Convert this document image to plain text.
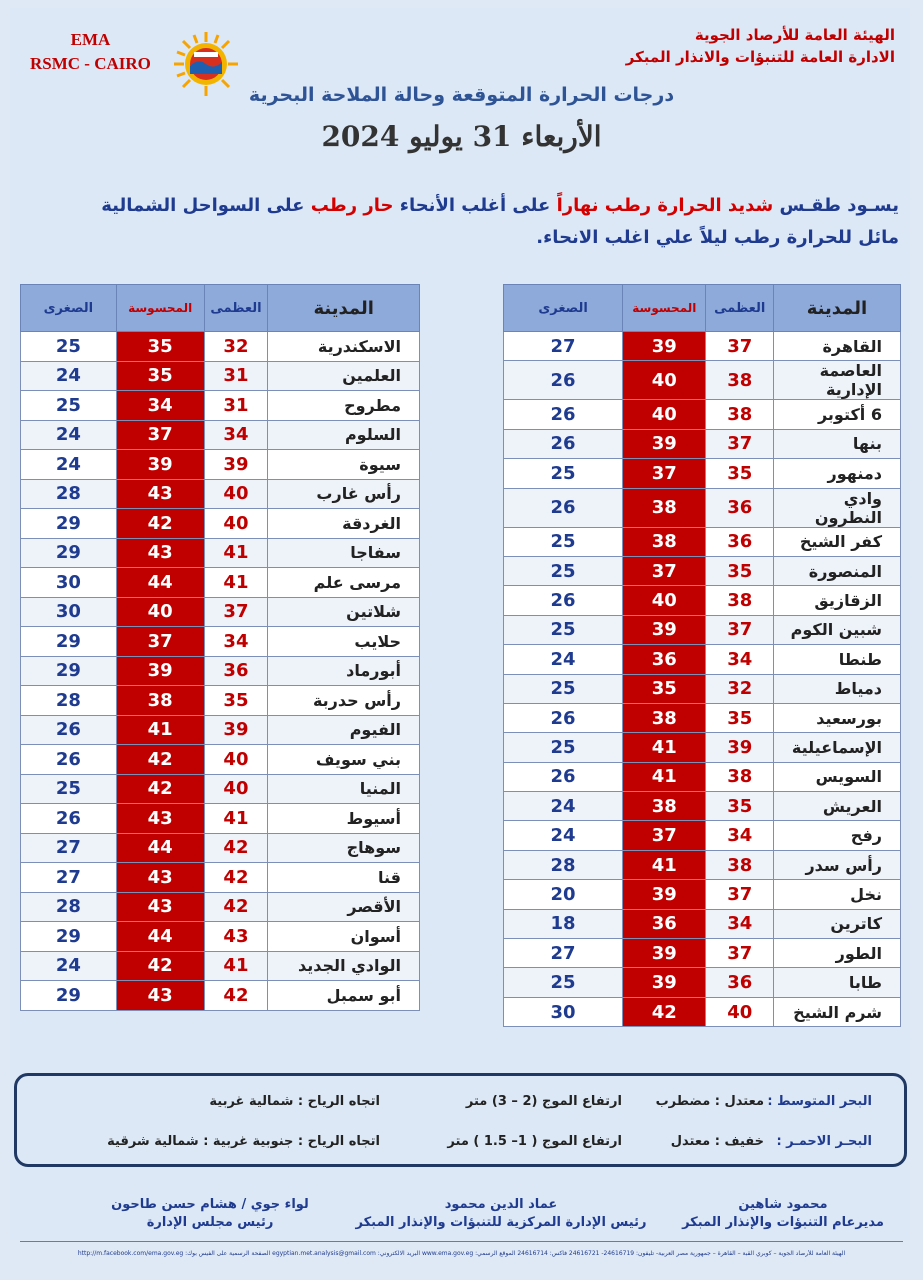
EMA
RSMC - CAIRO
الهيئة العامة للأرصاد الجوية
الادارة العامة للتنبؤات والانذار المبكر
درجات الحرارة المتوقعة وحالة الملاحة البحرية
الأربعاء 31 يوليو 2024
يسـود طقـس شديد الحرارة رطب نهاراً على أغلب الأنحاء حار رطب على السواحل الشمالية
مائل للحرارة رطب ليلاً علي اغلب الانحاء.
المدينة	العظمى	المحسوسة	الصغرى
القاهرة	37	39	27
العاصمة الإدارية	38	40	26
6 أكتوبر	38	40	26
بنها	37	39	26
دمنهور	35	37	25
وادي النطرون	36	38	26
كفر الشيخ	36	38	25
المنصورة	35	37	25
الزقازيق	38	40	26
شبين الكوم	37	39	25
طنطا	34	36	24
دمياط	32	35	25
بورسعيد	35	38	26
الإسماعيلية	39	41	25
السويس	38	41	26
العريش	35	38	24
رفح	34	37	24
رأس سدر	38	41	28
نخل	37	39	20
كاترين	34	36	18
الطور	37	39	27
طابا	36	39	25
شرم الشيخ	40	42	30
المدينة	العظمى	المحسوسة	الصغرى
الاسكندرية	32	35	25
العلمين	31	35	24
مطروح	31	34	25
السلوم	34	37	24
سيوة	39	39	24
رأس غارب	40	43	28
الغردقة	40	42	29
سفاجا	41	43	29
مرسى علم	41	44	30
شلاتين	37	40	30
حلايب	34	37	29
أبورماد	36	39	29
رأس حدربة	35	38	28
الفيوم	39	41	26
بني سويف	40	42	26
المنيا	40	42	25
أسيوط	41	43	26
سوهاج	42	44	27
قنا	42	43	27
الأقصر	42	43	28
أسوان	43	44	29
الوادي الجديد	41	42	24
أبو سمبل	42	43	29
البحر المتوسط :
معتدل : مضطرب
ارتفاع الموج (2 – 3) متر
اتجاه الرياح : شمالية غربية
البحـر الاحمـر :
خفيف : معتدل
ارتفاع الموج ( 1– 1.5 ) متر
اتجاه الرياح : جنوبية غربية : شمالية شرقية
محمود شاهين
مديرعام التنبؤات والإنذار المبكر
عماد الدين محمود
رئيس الإدارة المركزية للتنبؤات والإنذار المبكر
لواء جوي / هشام حسن طاحون
رئيس مجلس الإدارة
الهيئة العامة للأرصاد الجوية – كوبري القبة – القاهرة – جمهورية مصر العربية- تليفون: 24616719- 24616721 فاكس: 24616714 الموقع الرسمي: www.ema.gov.eg البريد الالكتروني: egyptian.met.analysis@gmail.com الصفحة الرسمية على الفيس بوك: http://m.facebook.com/ema.gov.eg
